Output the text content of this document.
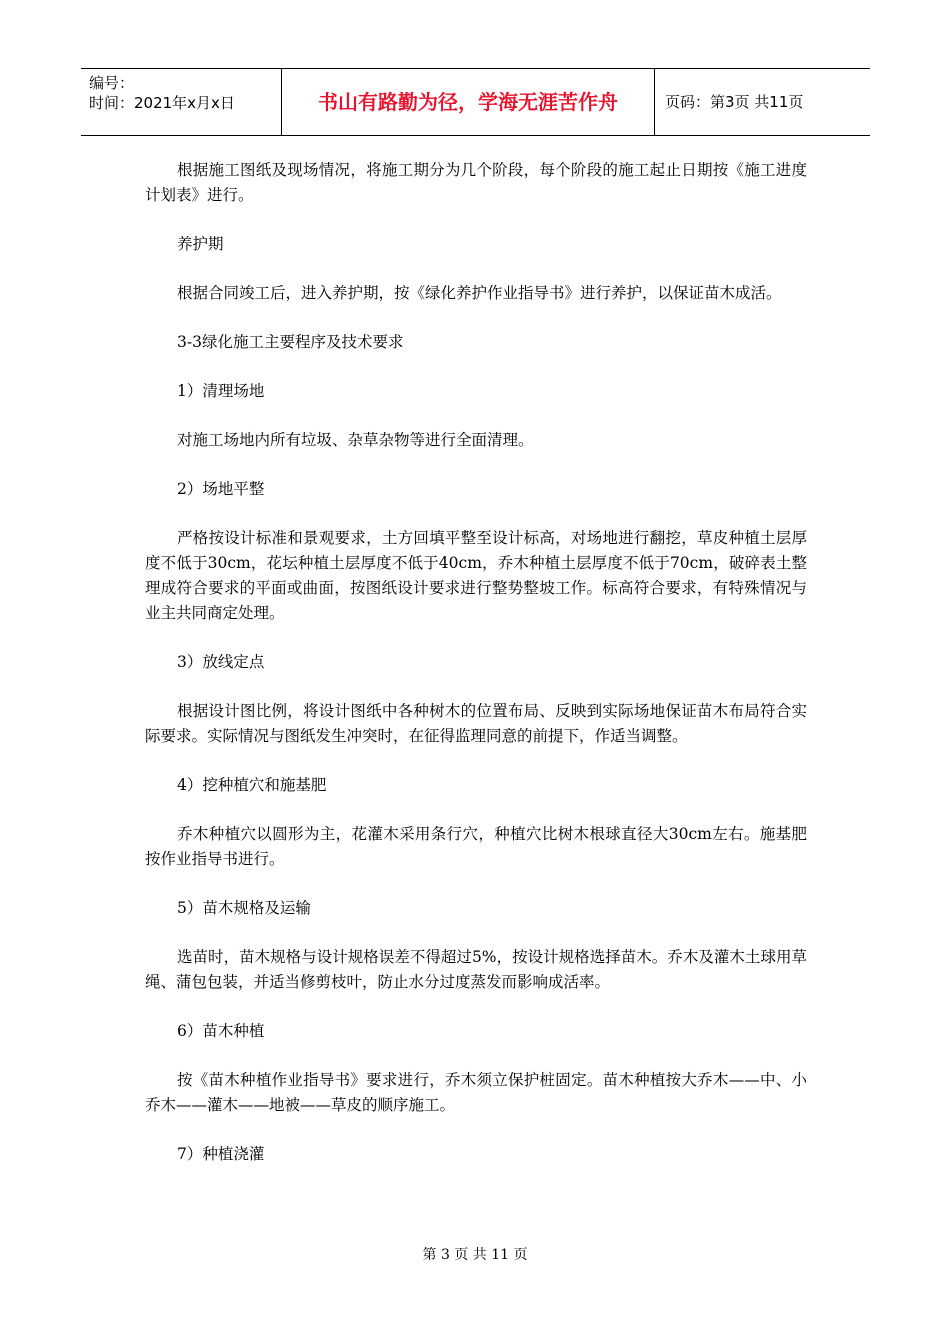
编号：
时间：2021年x月x日	书山有路勤为径，学海无涯苦作舟	页码：第3页 共11页

根据施工图纸及现场情况，将施工期分为几个阶段，每个阶段的施工起止日期按《施工进度计划表》进行。

养护期

根据合同竣工后，进入养护期，按《绿化养护作业指导书》进行养护，以保证苗木成活。

3-3绿化施工主要程序及技术要求

1）清理场地

对施工场地内所有垃圾、杂草杂物等进行全面清理。

2）场地平整

严格按设计标准和景观要求，土方回填平整至设计标高，对场地进行翻挖，草皮种植土层厚度不低于30cm，花坛种植土层厚度不低于40cm，乔木种植土层厚度不低于70cm，破碎表土整理成符合要求的平面或曲面，按图纸设计要求进行整势整坡工作。标高符合要求，有特殊情况与业主共同商定处理。

3）放线定点

根据设计图比例，将设计图纸中各种树木的位置布局、反映到实际场地保证苗木布局符合实际要求。实际情况与图纸发生冲突时，在征得监理同意的前提下，作适当调整。

4）挖种植穴和施基肥

乔木种植穴以圆形为主，花灌木采用条行穴，种植穴比树木根球直径大30cm左右。施基肥按作业指导书进行。

5）苗木规格及运输

选苗时，苗木规格与设计规格误差不得超过5%，按设计规格选择苗木。乔木及灌木土球用草绳、蒲包包装，并适当修剪枝叶，防止水分过度蒸发而影响成活率。

6）苗木种植

按《苗木种植作业指导书》要求进行，乔木须立保护桩固定。苗木种植按大乔木——中、小乔木——灌木——地被——草皮的顺序施工。

7）种植浇灌

第 3 页 共 11 页
